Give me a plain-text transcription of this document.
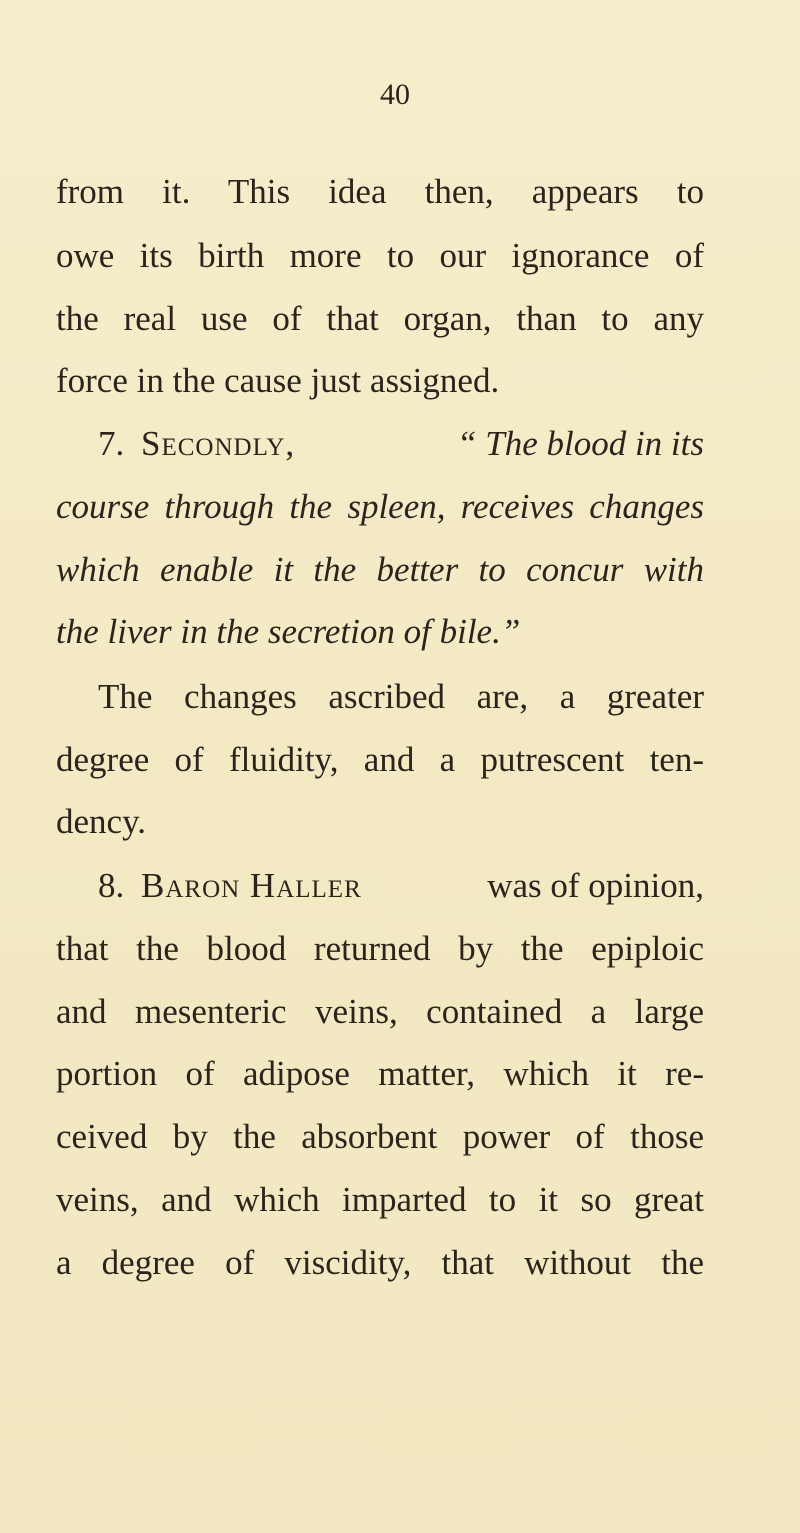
40
from it. This idea then, appears to
owe its birth more to our ignorance of
the real use of that organ, than to any
force in the cause just assigned.
7. Secondly,	“ The blood in its
course through the spleen, receives changes
which enable it the better to concur with
the liver in the secretion of bile.”
The changes ascribed are, a greater
degree of fluidity, and a putrescent ten-
dency.
8. Baron Haller	was of opinion,
that the blood returned by the epiploic
and mesenteric veins, contained a large
portion of adipose matter, which it re-
ceived by the absorbent power of those
veins, and which imparted to it so great
a degree of viscidity, that without the
